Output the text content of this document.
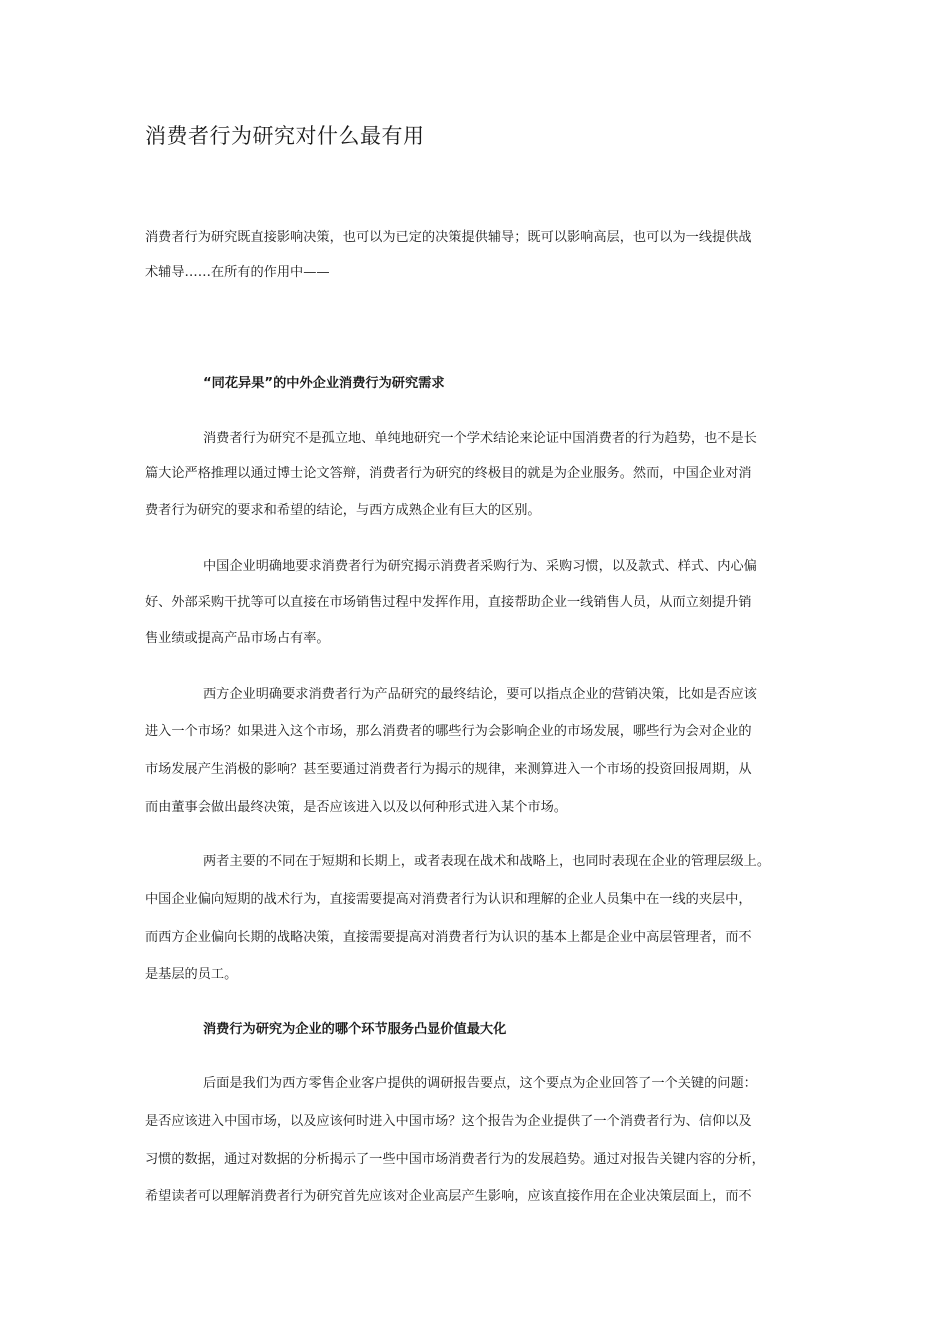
消费者行为研究对什么最有用

消费者行为研究既直接影响决策，也可以为已定的决策提供辅导；既可以影响高层，也可以为一线提供战

术辅导……在所有的作用中——

“同花异果”的中外企业消费行为研究需求

消费者行为研究不是孤立地、单纯地研究一个学术结论来论证中国消费者的行为趋势，也不是长

篇大论严格推理以通过博士论文答辩，消费者行为研究的终极目的就是为企业服务。然而，中国企业对消

费者行为研究的要求和希望的结论，与西方成熟企业有巨大的区别。

中国企业明确地要求消费者行为研究揭示消费者采购行为、采购习惯，以及款式、样式、内心偏

好、外部采购干扰等可以直接在市场销售过程中发挥作用，直接帮助企业一线销售人员，从而立刻提升销

售业绩或提高产品市场占有率。

西方企业明确要求消费者行为产品研究的最终结论，要可以指点企业的营销决策，比如是否应该

进入一个市场？如果进入这个市场，那么消费者的哪些行为会影响企业的市场发展，哪些行为会对企业的

市场发展产生消极的影响？甚至要通过消费者行为揭示的规律，来测算进入一个市场的投资回报周期，从

而由董事会做出最终决策，是否应该进入以及以何种形式进入某个市场。

两者主要的不同在于短期和长期上，或者表现在战术和战略上，也同时表现在企业的管理层级上。

中国企业偏向短期的战术行为，直接需要提高对消费者行为认识和理解的企业人员集中在一线的夹层中，

而西方企业偏向长期的战略决策，直接需要提高对消费者行为认识的基本上都是企业中高层管理者，而不

是基层的员工。

消费行为研究为企业的哪个环节服务凸显价值最大化

后面是我们为西方零售企业客户提供的调研报告要点，这个要点为企业回答了一个关键的问题：

是否应该进入中国市场，以及应该何时进入中国市场？这个报告为企业提供了一个消费者行为、信仰以及

习惯的数据，通过对数据的分析揭示了一些中国市场消费者行为的发展趋势。通过对报告关键内容的分析，

希望读者可以理解消费者行为研究首先应该对企业高层产生影响，应该直接作用在企业决策层面上，而不
